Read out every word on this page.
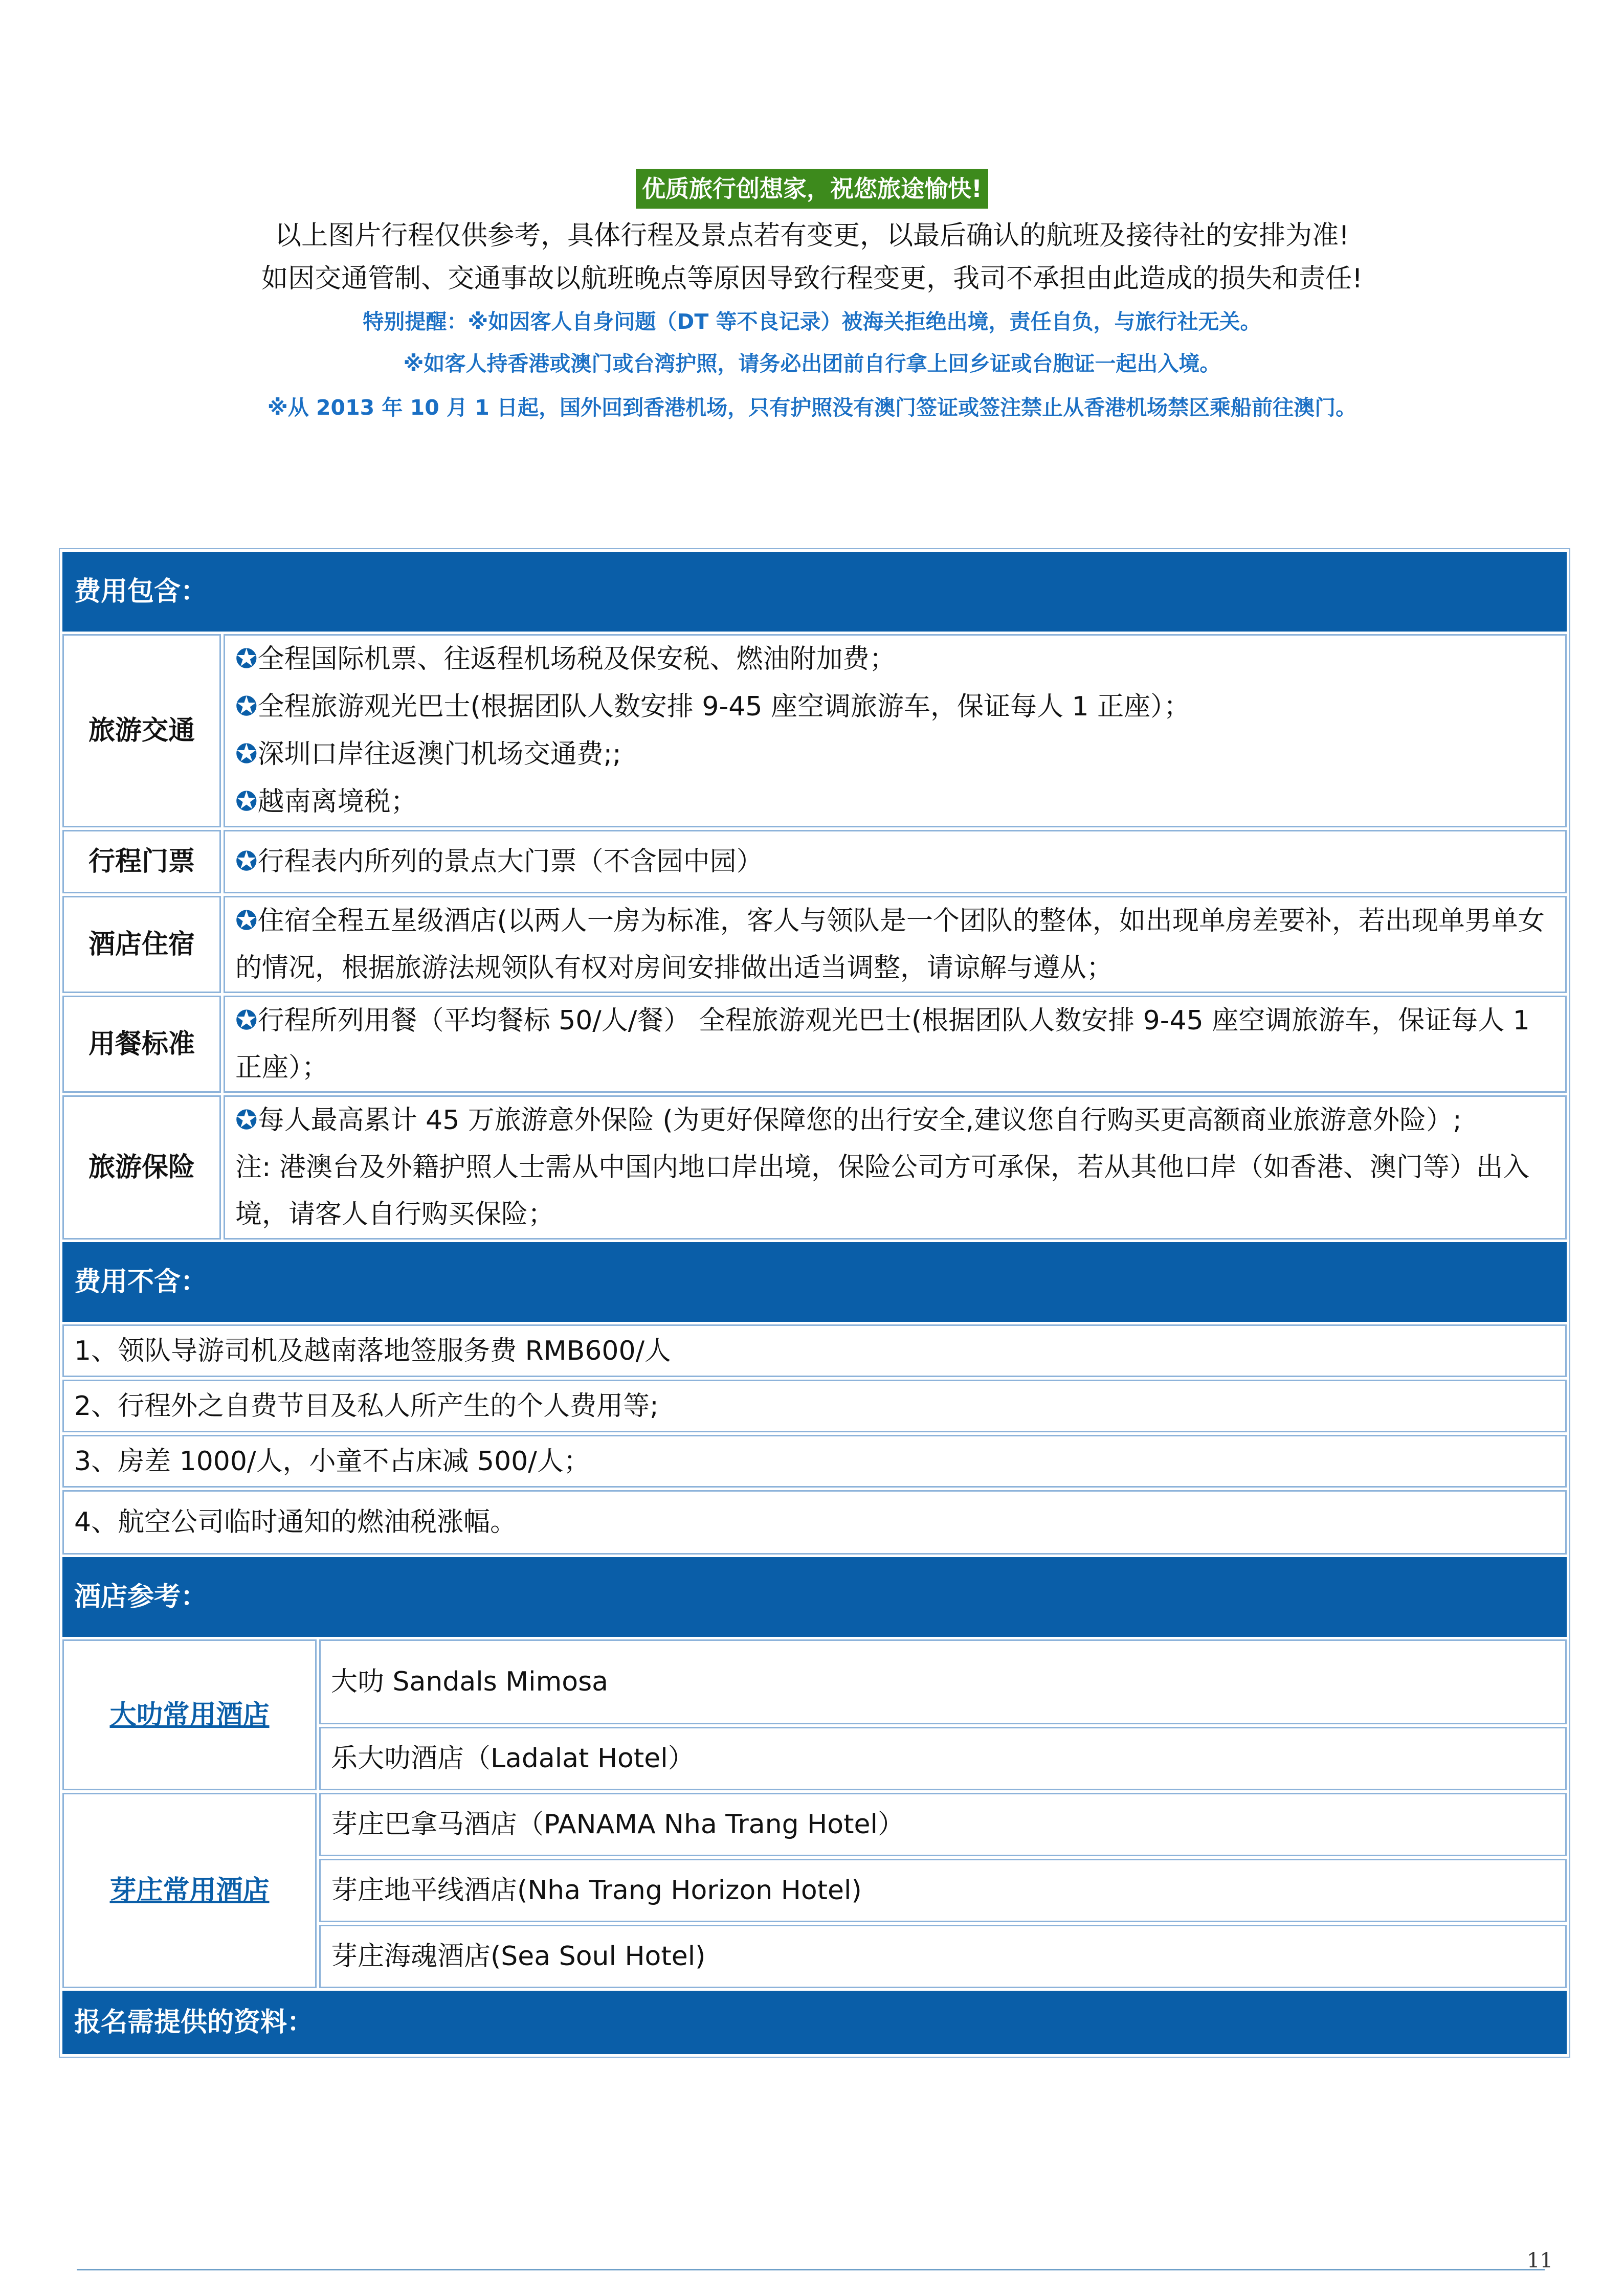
优质旅行创想家，祝您旅途愉快!
以上图片行程仅供参考，具体行程及景点若有变更，以最后确认的航班及接待社的安排为准!
如因交通管制、交通事故以航班晚点等原因导致行程变更，我司不承担由此造成的损失和责任!
特别提醒：※如因客人自身问题（DT 等不良记录）被海关拒绝出境，责任自负，与旅行社无关。
※如客人持香港或澳门或台湾护照，请务必出团前自行拿上回乡证或台胞证一起出入境。
※从 2013 年 10 月 1 日起，国外回到香港机场，只有护照没有澳门签证或签注禁止从香港机场禁区乘船前往澳门。
费用包含：		
旅游交通	✪全程国际机票、往返程机场税及保安税、燃油附加费；
✪全程旅游观光巴士(根据团队人数安排 9-45 座空调旅游车，保证每人 1 正座）；
✪深圳口岸往返澳门机场交通费;;
✪越南离境税；	

行程门票	✪行程表内所列的景点大门票（不含园中园）	
酒店住宿	✪住宿全程五星级酒店(以两人一房为标准，客人与领队是一个团队的整体，如出现单房差要补，若出现单男单女的情况，根据旅游法规领队有权对房间安排做出适当调整，请谅解与遵从；	
用餐标准	✪行程所列用餐（平均餐标 50/人/餐） 全程旅游观光巴士(根据团队人数安排 9-45 座空调旅游车，保证每人 1 正座）；	
旅游保险	✪每人最高累计 45 万旅游意外保险 (为更好保障您的出行安全,建议您自行购买更高额商业旅游意外险）;
注: 港澳台及外籍护照人士需从中国内地口岸出境，保险公司方可承保，若从其他口岸（如香港、澳门等）出入境，请客人自行购买保险；	

费用不含：		
1、领队导游司机及越南落地签服务费 RMB600/人		
2、行程外之自费节目及私人所产生的个人费用等;		
3、房差 1000/人，小童不占床减 500/人；		
4、航空公司临时通知的燃油税涨幅。		
酒店参考：		
大叻常用酒店		大叻 Sandals Mimosa
		乐大叻酒店（Ladalat Hotel）
芽庄常用酒店		芽庄巴拿马酒店（PANAMA Nha Trang Hotel）
		芽庄地平线酒店(Nha Trang Horizon Hotel)
		芽庄海魂酒店(Sea Soul Hotel)
报名需提供的资料：		
11
